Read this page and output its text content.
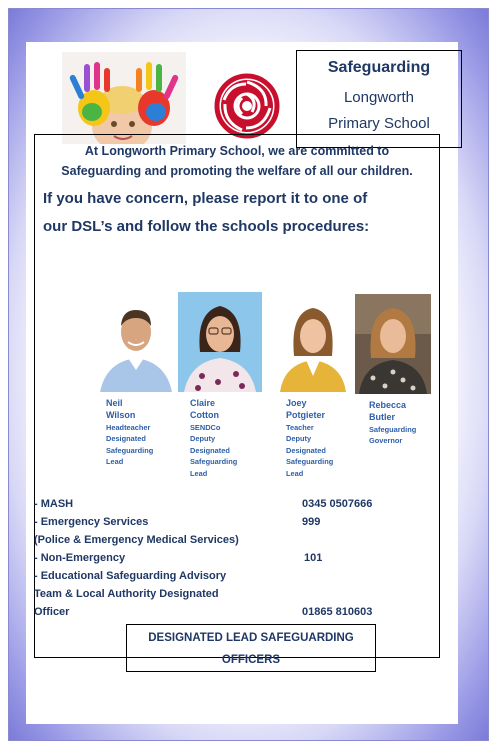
Safeguarding
Longworth
Primary School
At Longworth Primary School, we are committed to
Safeguarding and promoting the welfare of all our children.
If you have concern, please report it to one of
our DSL’s and follow the schools procedures:
Neil
Wilson
Headteacher
Designated
Safeguarding
Lead
Claire
Cotton
SENDCo
Deputy
Designated
Safeguarding
Lead
Joey
Potgieter
Teacher
Deputy
Designated
Safeguarding
Lead
Rebecca
Butler
Safeguarding
Governor
- MASH	0345 0507666
- Emergency Services	999
(Police & Emergency Medical Services)
- Non-Emergency	101
- Educational Safeguarding Advisory
Team & Local Authority Designated
Officer	01865 810603
DESIGNATED LEAD SAFEGUARDING
OFFICERS
